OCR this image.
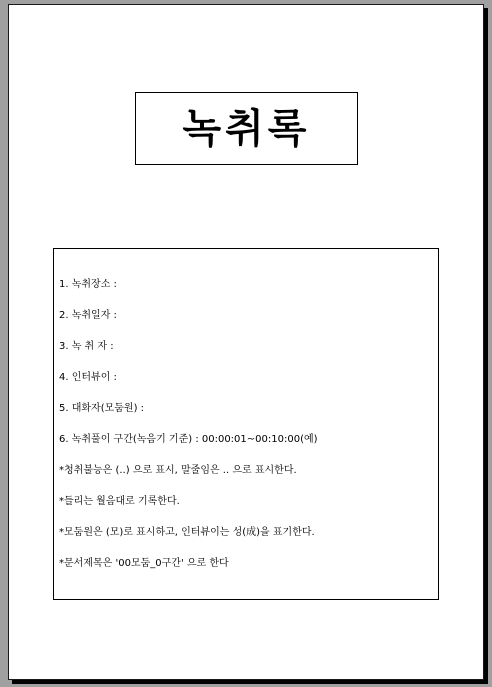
녹취록
1. 녹취장소 :
2. 녹취일자 :
3. 녹 취 자 :
4. 인터뷰이 :
5. 대화자(모둠원) :
6. 녹취풀이 구간(녹음기 기준) : 00:00:01~00:10:00(예)
*청취불능은 (..) 으로 표시, 말줄임은 .. 으로 표시한다.
*들리는 월음대로 기록한다.
*모둠원은 (모)로 표시하고, 인터뷰이는 성(成)을 표기한다.
*문서제목은 '00모둠_0구간' 으로 한다
